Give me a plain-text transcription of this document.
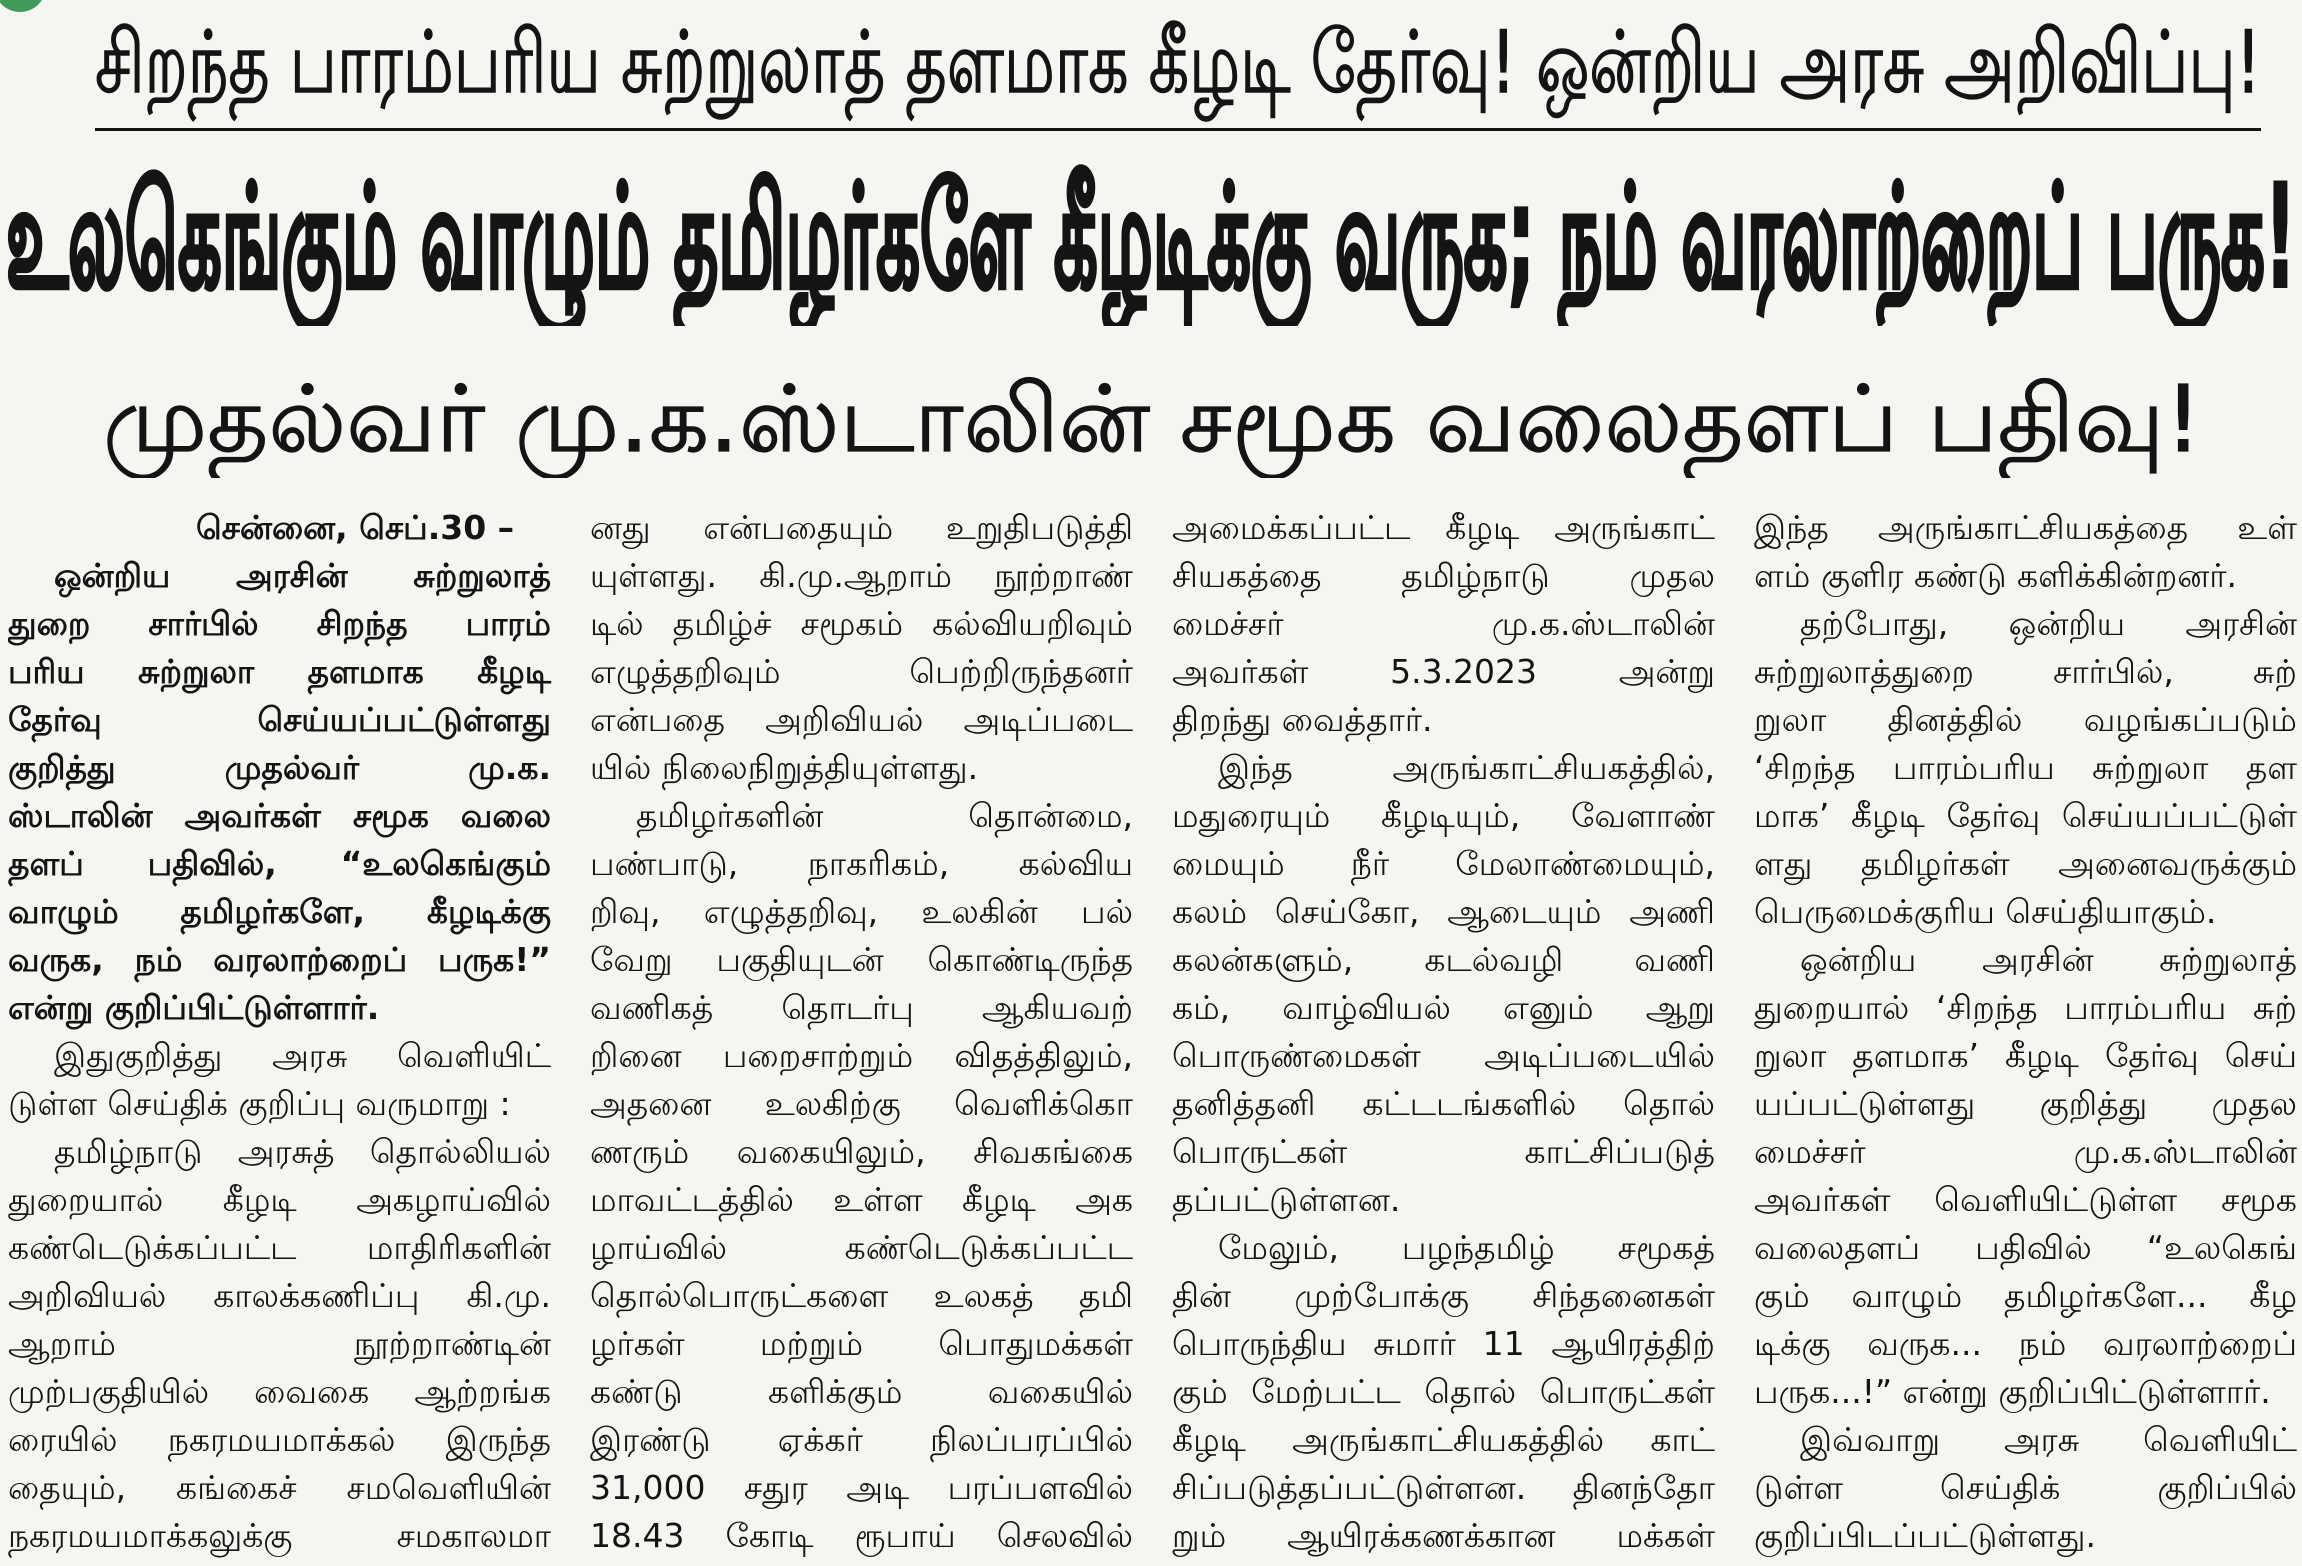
சிறந்த பாரம்பரிய சுற்றுலாத் தளமாக கீழடி தேர்வு! ஒன்றிய அரசு அறிவிப்பு!
உலகெங்கும் வாழும் தமிழர்களே கீழடிக்கு வருக; நம் வரலாற்றைப் பருக!
முதல்வர் மு.க.ஸ்டாலின் சமூக வலைதளப் பதிவு!
சென்னை, செப்.30 –
ஒன்றிய அரசின் சுற்றுலாத்
துறை சார்பில் சிறந்த பாரம்
பரிய சுற்றுலா தளமாக கீழடி
தேர்வு செய்யப்பட்டுள்ளது
குறித்து முதல்வர் மு.க.
ஸ்டாலின் அவர்கள் சமூக வலை
தளப் பதிவில், “உலகெங்கும்
வாழும் தமிழர்களே, கீழடிக்கு
வருக, நம் வரலாற்றைப் பருக!”
என்று குறிப்பிட்டுள்ளார்.
இதுகுறித்து அரசு வெளியிட்
டுள்ள செய்திக் குறிப்பு வருமாறு :
தமிழ்நாடு அரசுத் தொல்லியல்
துறையால் கீழடி அகழாய்வில்
கண்டெடுக்கப்பட்ட மாதிரிகளின்
அறிவியல் காலக்கணிப்பு கி.மு.
ஆறாம் நூற்றாண்டின்
முற்பகுதியில் வைகை ஆற்றங்க
ரையில் நகரமயமாக்கல் இருந்த
தையும், கங்கைச் சமவெளியின்
நகரமயமாக்கலுக்கு சமகாலமா
னது என்பதையும் உறுதிபடுத்தி
யுள்ளது. கி.மு.ஆறாம் நூற்றாண்
டில் தமிழ்ச் சமூகம் கல்வியறிவும்
எழுத்தறிவும் பெற்றிருந்தனர்
என்பதை அறிவியல் அடிப்படை
யில் நிலைநிறுத்தியுள்ளது.
தமிழர்களின் தொன்மை,
பண்பாடு, நாகரிகம், கல்விய
றிவு, எழுத்தறிவு, உலகின் பல்
வேறு பகுதியுடன் கொண்டிருந்த
வணிகத் தொடர்பு ஆகியவற்
றினை பறைசாற்றும் விதத்திலும்,
அதனை உலகிற்கு வெளிக்கொ
ணரும் வகையிலும், சிவகங்கை
மாவட்டத்தில் உள்ள கீழடி அக
ழாய்வில் கண்டெடுக்கப்பட்ட
தொல்பொருட்களை உலகத் தமி
ழர்கள் மற்றும் பொதுமக்கள்
கண்டு களிக்கும் வகையில்
இரண்டு ஏக்கர் நிலப்பரப்பில்
31,000 சதுர அடி பரப்பளவில்
18.43 கோடி ரூபாய் செலவில்
அமைக்கப்பட்ட கீழடி அருங்காட்
சியகத்தை தமிழ்நாடு முதல
மைச்சர் மு.க.ஸ்டாலின்
அவர்கள் 5.3.2023 அன்று
திறந்து வைத்தார்.
இந்த அருங்காட்சியகத்தில்,
மதுரையும் கீழடியும், வேளாண்
மையும் நீர் மேலாண்மையும்,
கலம் செய்கோ, ஆடையும் அணி
கலன்களும், கடல்வழி வணி
கம், வாழ்வியல் எனும் ஆறு
பொருண்மைகள் அடிப்படையில்
தனித்தனி கட்டடங்களில் தொல்
பொருட்கள் காட்சிப்படுத்
தப்பட்டுள்ளன.
மேலும், பழந்தமிழ் சமூகத்
தின் முற்போக்கு சிந்தனைகள்
பொருந்திய சுமார் 11 ஆயிரத்திற்
கும் மேற்பட்ட தொல் பொருட்கள்
கீழடி அருங்காட்சியகத்தில் காட்
சிப்படுத்தப்பட்டுள்ளன. தினந்தோ
றும் ஆயிரக்கணக்கான மக்கள்
இந்த அருங்காட்சியகத்தை உள்
ளம் குளிர கண்டு களிக்கின்றனர்.
தற்போது, ஒன்றிய அரசின்
சுற்றுலாத்துறை சார்பில், சுற்
றுலா தினத்தில் வழங்கப்படும்
‘சிறந்த பாரம்பரிய சுற்றுலா தள
மாக’ கீழடி தேர்வு செய்யப்பட்டுள்
ளது தமிழர்கள் அனைவருக்கும்
பெருமைக்குரிய செய்தியாகும்.
ஒன்றிய அரசின் சுற்றுலாத்
துறையால் ‘சிறந்த பாரம்பரிய சுற்
றுலா தளமாக’ கீழடி தேர்வு செய்
யப்பட்டுள்ளது குறித்து முதல
மைச்சர் மு.க.ஸ்டாலின்
அவர்கள் வெளியிட்டுள்ள சமூக
வலைதளப் பதிவில் “உலகெங்
கும் வாழும் தமிழர்களே... கீழ
டிக்கு வருக... நம் வரலாற்றைப்
பருக...!” என்று குறிப்பிட்டுள்ளார்.
இவ்வாறு அரசு வெளியிட்
டுள்ள செய்திக் குறிப்பில்
குறிப்பிடப்பட்டுள்ளது.
